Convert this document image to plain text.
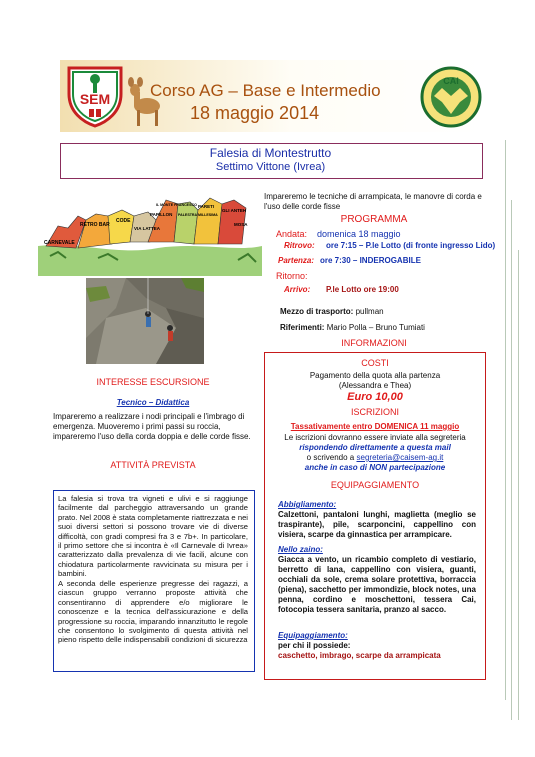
SEM
CAI
Corso AG – Base e Intermedio
18 maggio 2014
Falesia di Montestrutto
Settimo Vittone (Ivrea)
CARNEVALE
RETRO BAR
CODE
VIA LATTEA
PAPILLON
IL MONTE FRANCESCO
PALESTRA MILLESIMA
PARETI
GLI ANTEH
MOSA
Impareremo le tecniche di arrampicata, le manovre di corda e l'uso delle corde fisse
PROGRAMMA
Andata: domenica 18 maggio
Ritrovo: ore 7:15 – P.le Lotto (di fronte ingresso Lido)
Partenza: ore 7:30 – INDEROGABILE
Ritorno:
Arrivo: P.le Lotto ore 19:00
Mezzo di trasporto: pullman
Riferimenti: Mario Polla – Bruno Tumiati
INFORMAZIONI
COSTI
Pagamento della quota alla partenza
(Alessandra e Thea)
Euro 10,00
ISCRIZIONI
Tassativamente entro DOMENICA 11 maggio
Le iscrizioni dovranno essere inviate alla segreteria
rispondendo direttamente a questa mail
o scrivendo a segreteria@caisem-ag.it
anche in caso di NON partecipazione
EQUIPAGGIAMENTO
Abbigliamento:
Calzettoni, pantaloni lunghi, maglietta (meglio se traspirante), pile, scarponcini, cappellino con visiera, scarpe da ginnastica per arrampicare.
Nello zaino:
Giacca a vento, un ricambio completo di vestiario, berretto di lana, cappellino con visiera, guanti, occhiali da sole, crema solare protettiva, borraccia (piena), sacchetto per immondizie, block notes, una penna, cordino e moschettoni, tessera Cai, fotocopia tessera sanitaria, pranzo al sacco.
Equipaggiamento:
per chi il possiede:
caschetto, imbrago, scarpe da arrampicata
INTERESSE ESCURSIONE
Tecnico – Didattica
Impareremo a realizzare i nodi principali e l'imbrago di emergenza. Muoveremo i primi passi su roccia, impareremo l'uso della corda doppia e delle corde fisse.
ATTIVITÀ PREVISTA
La falesia si trova tra vigneti e ulivi e si raggiunge facilmente dal parcheggio attraversando un grande prato. Nel 2008 è stata completamente riattrezzata e nei suoi diversi settori si possono trovare vie di diverse difficoltà, con gradi compresi fra 3 e 7b+. In particolare, il primo settore che si incontra è «Il Carnevale di Ivrea» caratterizzato dalla prevalenza di vie facili, alcune con chiodatura particolarmente ravvicinata su misura per i bambini.
A seconda delle esperienze pregresse dei ragazzi, a ciascun gruppo verranno proposte attività che consentiranno di apprendere e/o migliorare le conoscenze e la tecnica dell'assicurazione e della progressione su roccia, imparando innanzitutto le regole che consentono lo svolgimento di questa attività nel pieno rispetto delle indispensabili condizioni di sicurezza
